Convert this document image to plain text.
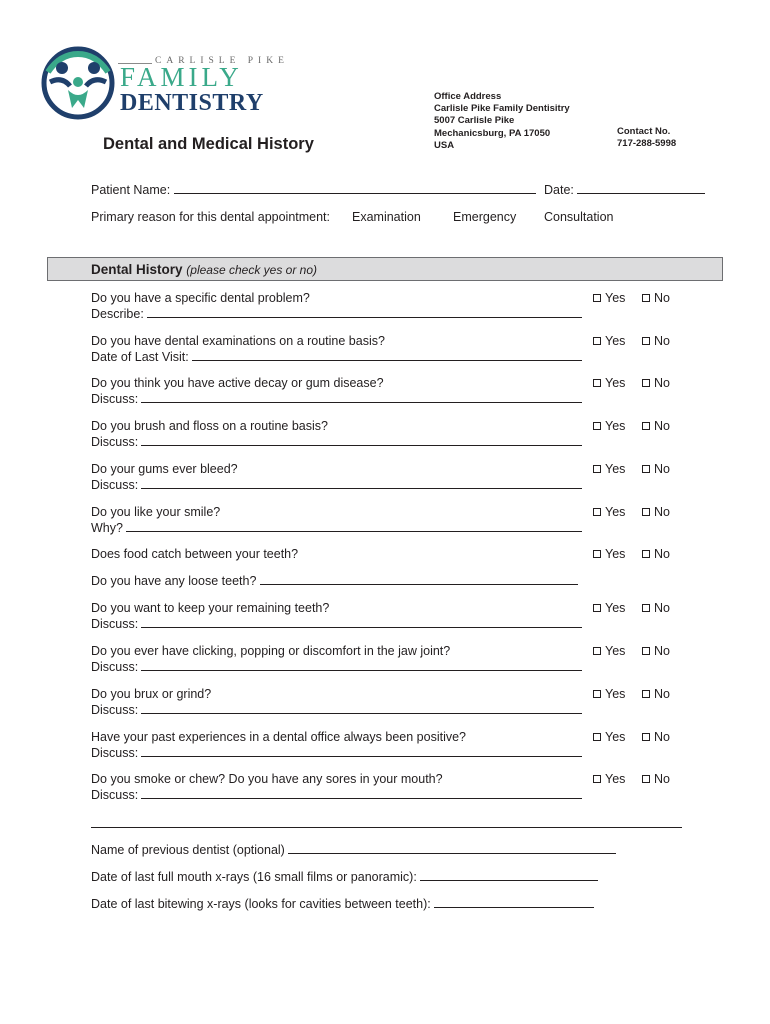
CARLISLE PIKE
FAMILY
DENTISTRY
Dental and Medical History
Office Address
Carlisle Pike Family Dentisitry
5007 Carlisle Pike
Mechanicsburg, PA 17050
USA
Contact No.
717-288-5998
Patient Name:	Date:
Primary reason for this dental appointment: Examination	Emergency Consultation
Dental History (please check yes or no)
Name of previous dentist (optional)
Date of last full mouth x-rays (16 small films or panoramic):
Date of last bitewing x-rays (looks for cavities between teeth):
Do you have a specific dental problem?
Describe:
Yes No
Do you have dental examinations on a routine basis?
Date of Last Visit:
Yes No
Do you think you have active decay or gum disease?
Discuss:
Yes No
Do you brush and floss on a routine basis?
Discuss:
Yes No
Do your gums ever bleed?
Discuss:
Yes No
Do you like your smile?
Why?
Yes No
Does food catch between your teeth?	Yes No
Do you have any loose teeth?
Do you want to keep your remaining teeth?
Discuss:
Yes No
Do you ever have clicking, popping or discomfort in the jaw joint?
Discuss:
Yes No
Do you brux or grind?
Discuss:
Yes No
Have your past experiences in a dental office always been positive?
Discuss:
Yes No
Do you smoke or chew? Do you have any sores in your mouth?
Discuss:
Yes No
